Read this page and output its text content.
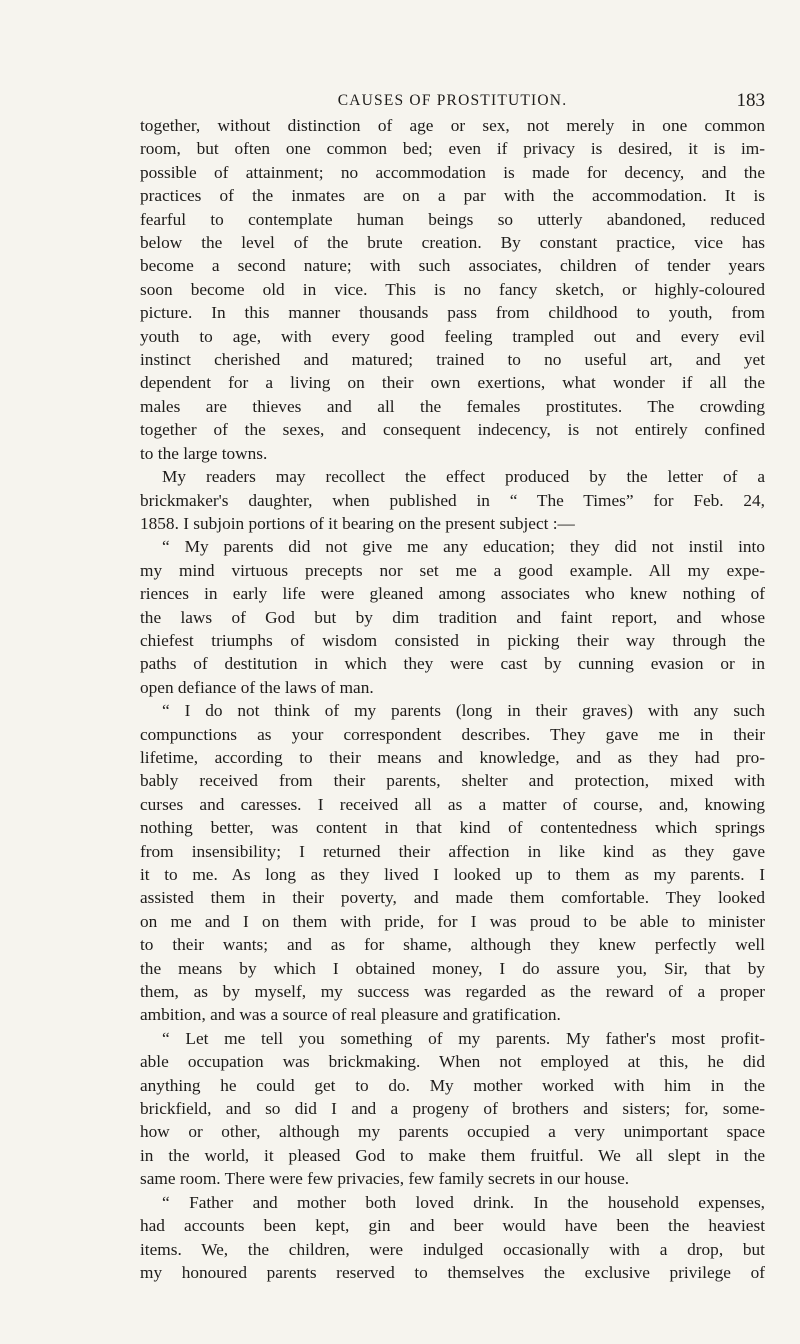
CAUSES OF PROSTITUTION.	183
together, without distinction of age or sex, not merely in one common
room, but often one common bed; even if privacy is desired, it is im-
possible of attainment; no accommodation is made for decency, and the
practices of the inmates are on a par with the accommodation. It is
fearful to contemplate human beings so utterly abandoned, reduced
below the level of the brute creation. By constant practice, vice has
become a second nature; with such associates, children of tender years
soon become old in vice. This is no fancy sketch, or highly-coloured
picture. In this manner thousands pass from childhood to youth, from
youth to age, with every good feeling trampled out and every evil
instinct cherished and matured; trained to no useful art, and yet
dependent for a living on their own exertions, what wonder if all the
males are thieves and all the females prostitutes. The crowding
together of the sexes, and consequent indecency, is not entirely confined
to the large towns.
My readers may recollect the effect produced by the letter of a
brickmaker's daughter, when published in “ The Times” for Feb. 24,
1858. I subjoin portions of it bearing on the present subject :—
“ My parents did not give me any education; they did not instil into
my mind virtuous precepts nor set me a good example. All my expe-
riences in early life were gleaned among associates who knew nothing of
the laws of God but by dim tradition and faint report, and whose
chiefest triumphs of wisdom consisted in picking their way through the
paths of destitution in which they were cast by cunning evasion or in
open defiance of the laws of man.
“ I do not think of my parents (long in their graves) with any such
compunctions as your correspondent describes. They gave me in their
lifetime, according to their means and knowledge, and as they had pro-
bably received from their parents, shelter and protection, mixed with
curses and caresses. I received all as a matter of course, and, knowing
nothing better, was content in that kind of contentedness which springs
from insensibility; I returned their affection in like kind as they gave
it to me. As long as they lived I looked up to them as my parents. I
assisted them in their poverty, and made them comfortable. They looked
on me and I on them with pride, for I was proud to be able to minister
to their wants; and as for shame, although they knew perfectly well
the means by which I obtained money, I do assure you, Sir, that by
them, as by myself, my success was regarded as the reward of a proper
ambition, and was a source of real pleasure and gratification.
“ Let me tell you something of my parents. My father's most profit-
able occupation was brickmaking. When not employed at this, he did
anything he could get to do. My mother worked with him in the
brickfield, and so did I and a progeny of brothers and sisters; for, some-
how or other, although my parents occupied a very unimportant space
in the world, it pleased God to make them fruitful. We all slept in the
same room. There were few privacies, few family secrets in our house.
“ Father and mother both loved drink. In the household expenses,
had accounts been kept, gin and beer would have been the heaviest
items. We, the children, were indulged occasionally with a drop, but
my honoured parents reserved to themselves the exclusive privilege of
